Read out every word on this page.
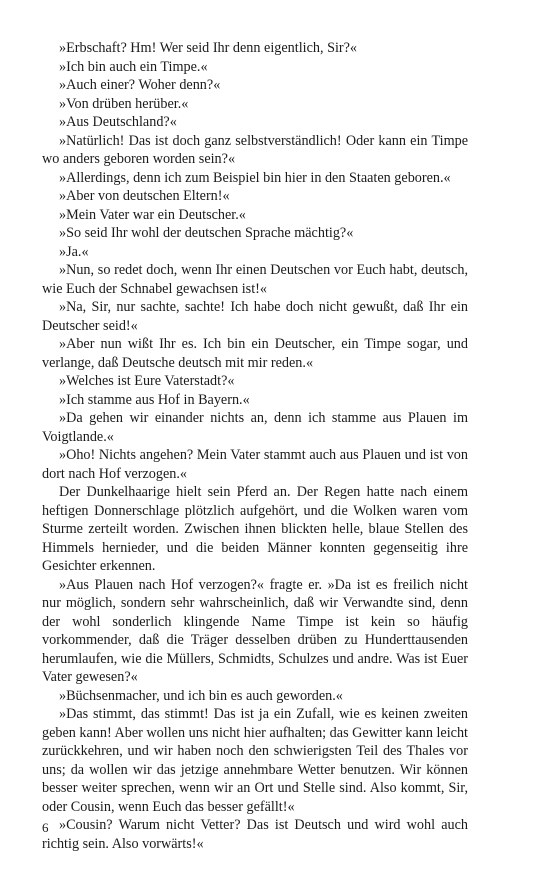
»Erbschaft? Hm! Wer seid Ihr denn eigentlich, Sir?«

»Ich bin auch ein Timpe.«

»Auch einer? Woher denn?«

»Von drüben herüber.«

»Aus Deutschland?«

»Natürlich! Das ist doch ganz selbstverständlich! Oder kann ein Timpe wo anders geboren worden sein?«

»Allerdings, denn ich zum Beispiel bin hier in den Staaten geboren.«

»Aber von deutschen Eltern!«

»Mein Vater war ein Deutscher.«

»So seid Ihr wohl der deutschen Sprache mächtig?«

»Ja.«

»Nun, so redet doch, wenn Ihr einen Deutschen vor Euch habt, deutsch, wie Euch der Schnabel gewachsen ist!«

»Na, Sir, nur sachte, sachte! Ich habe doch nicht gewußt, daß Ihr ein Deutscher seid!«

»Aber nun wißt Ihr es. Ich bin ein Deutscher, ein Timpe sogar, und verlange, daß Deutsche deutsch mit mir reden.«

»Welches ist Eure Vaterstadt?«

»Ich stamme aus Hof in Bayern.«

»Da gehen wir einander nichts an, denn ich stamme aus Plauen im Voigtlande.«

»Oho! Nichts angehen? Mein Vater stammt auch aus Plauen und ist von dort nach Hof verzogen.«

Der Dunkelhaarige hielt sein Pferd an. Der Regen hatte nach einem heftigen Donnerschlage plötzlich aufgehört, und die Wolken waren vom Sturme zerteilt worden. Zwischen ihnen blickten helle, blaue Stellen des Himmels hernieder, und die beiden Männer konnten gegenseitig ihre Gesichter erkennen.

»Aus Plauen nach Hof verzogen?« fragte er. »Da ist es freilich nicht nur möglich, sondern sehr wahrscheinlich, daß wir Verwandte sind, denn der wohl sonderlich klingende Name Timpe ist kein so häufig vorkommender, daß die Träger desselben drüben zu Hunderttausenden herumlaufen, wie die Müllers, Schmidts, Schulzes und andre. Was ist Euer Vater gewesen?«

»Büchsenmacher, und ich bin es auch geworden.«

»Das stimmt, das stimmt! Das ist ja ein Zufall, wie es keinen zweiten geben kann! Aber wollen uns nicht hier aufhalten; das Gewitter kann leicht zurückkehren, und wir haben noch den schwierigsten Teil des Thales vor uns; da wollen wir das jetzige annehmbare Wetter benutzen. Wir können besser weiter sprechen, wenn wir an Ort und Stelle sind. Also kommt, Sir, oder Cousin, wenn Euch das besser gefällt!«

»Cousin? Warum nicht Vetter? Das ist Deutsch und wird wohl auch richtig sein. Also vorwärts!«

6
